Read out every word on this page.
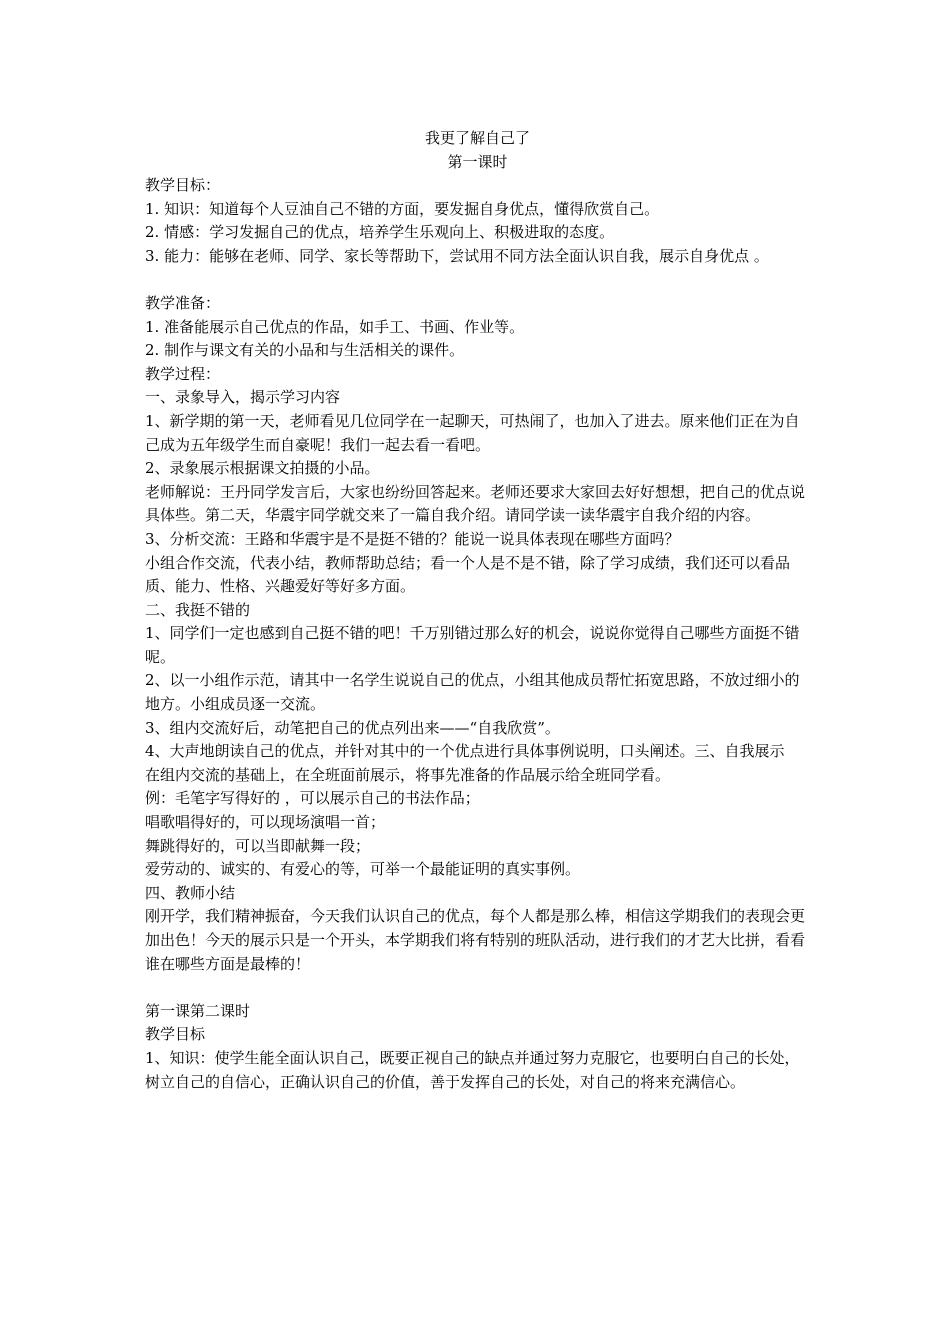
我更了解自己了
第一课时
教学目标：
1. 知识：知道每个人豆油自己不错的方面，要发掘自身优点，懂得欣赏自己。
2. 情感：学习发掘自己的优点，培养学生乐观向上、积极进取的态度。
3. 能力：能够在老师、同学、家长等帮助下，尝试用不同方法全面认识自我，展示自身优点 。
教学准备：
1. 准备能展示自己优点的作品，如手工、书画、作业等。
2. 制作与课文有关的小品和与生活相关的课件。
教学过程：
一、录象导入，揭示学习内容
1、新学期的第一天，老师看见几位同学在一起聊天，可热闹了，也加入了进去。原来他们正在为自己成为五年级学生而自豪呢！我们一起去看一看吧。
2、录象展示根据课文拍摄的小品。
老师解说：王丹同学发言后，大家也纷纷回答起来。老师还要求大家回去好好想想，把自己的优点说具体些。第二天，华震宇同学就交来了一篇自我介绍。请同学读一读华震宇自我介绍的内容。
3、分析交流：王路和华震宇是不是挺不错的？能说一说具体表现在哪些方面吗？
小组合作交流，代表小结，教师帮助总结；看一个人是不是不错，除了学习成绩，我们还可以看品质、能力、性格、兴趣爱好等好多方面。
二、我挺不错的
1、同学们一定也感到自己挺不错的吧！千万别错过那么好的机会，说说你觉得自己哪些方面挺不错呢。
2、以一小组作示范，请其中一名学生说说自己的优点，小组其他成员帮忙拓宽思路，不放过细小的地方。小组成员逐一交流。
3、组内交流好后，动笔把自己的优点列出来——“自我欣赏”。
4、大声地朗读自己的优点，并针对其中的一个优点进行具体事例说明，口头阐述。三、自我展示
在组内交流的基础上，在全班面前展示，将事先准备的作品展示给全班同学看。
例：毛笔字写得好的 ，可以展示自己的书法作品；
唱歌唱得好的，可以现场演唱一首；
舞跳得好的，可以当即献舞一段；
爱劳动的、诚实的、有爱心的等，可举一个最能证明的真实事例。
四、教师小结
刚开学，我们精神振奋，今天我们认识自己的优点，每个人都是那么棒，相信这学期我们的表现会更加出色！今天的展示只是一个开头，本学期我们将有特别的班队活动，进行我们的才艺大比拼，看看谁在哪些方面是最棒的！
第一课第二课时
教学目标
1、知识：使学生能全面认识自己，既要正视自己的缺点并通过努力克服它，也要明白自己的长处，树立自己的自信心，正确认识自己的价值，善于发挥自己的长处，对自己的将来充满信心。
